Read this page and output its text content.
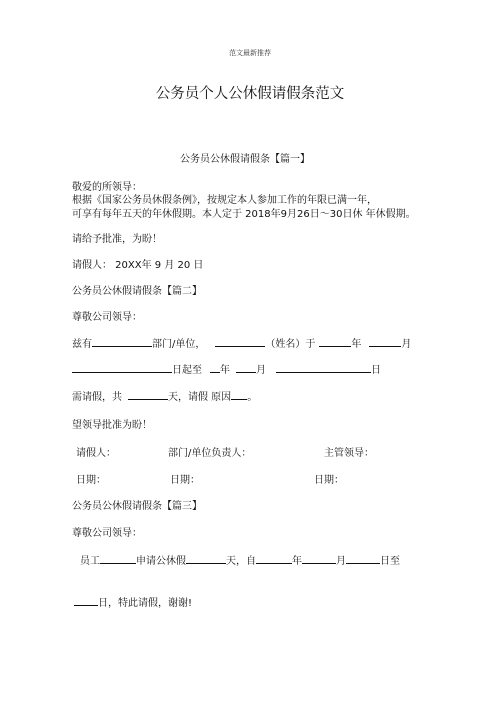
范文最新推荐
公务员个人公休假请假条范文
公务员公休假请假条【篇一】
敬爱的所领导：
根据《国家公务员休假条例》，按规定本人参加工作的年限已满一年，
可享有每年五天的年休假期。本人定于 2018年9月26日～30日休 年休假期。
请给予批准，为盼！
请假人： 20XX年 9 月 20 日
公务员公休假请假条【篇二】
尊敬公司领导：
兹有	部门/单位，	（姓名）于	年	月
日起至 年	月	日
需请假，共	天，请假 原因 。
望领导批准为盼！
请假人：	部门/单位负责人：	主管领导：
日期：	日期：	日期：
公务员公休假请假条【篇三】
尊敬公司领导：
员工	申请公休假	天，自	年	月	日至
日，特此请假，谢谢!
